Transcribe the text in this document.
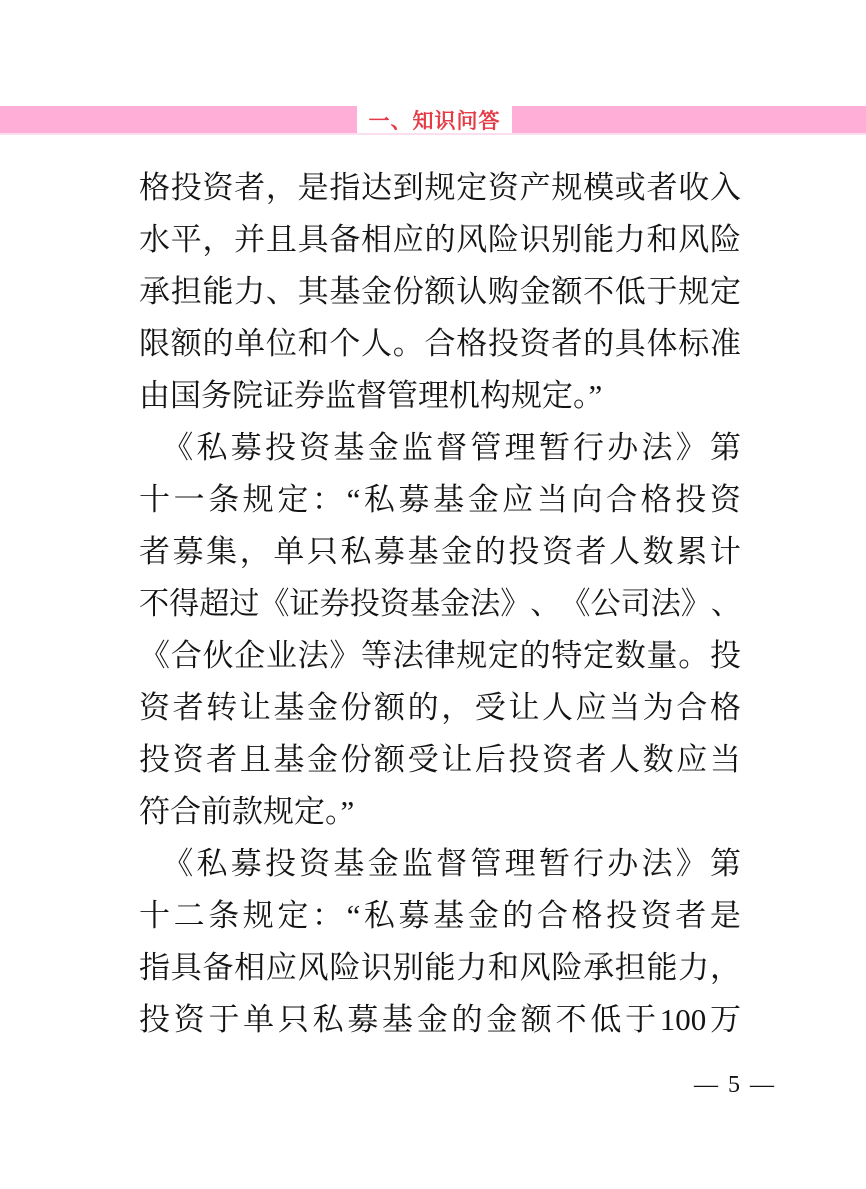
一、知识问答
格 投 资 者 ， 是 指 达 到 规 定 资 产 规 模 或 者 收 入
水 平 ， 并 且 具 备 相 应 的 风 险 识 别 能 力 和 风 险
承 担 能 力 、 其 基 金 份 额 认 购 金 额 不 低 于 规 定
限 额 的 单 位 和 个 人 。 合 格 投 资 者 的 具 体 标 准
由国务院证券监督管理机构规定。”
《 私 募 投 资 基 金 监 督 管 理 暂 行 办 法 》 第
十 一 条 规 定 ： “ 私 募 基 金 应 当 向 合 格 投 资
者 募 集 ， 单 只 私 募 基 金 的 投 资 者 人 数 累 计
不 得 超 过 《 证 券 投 资 基 金 法 》 、 《 公 司 法 》 、
《 合 伙 企 业 法 》 等 法 律 规 定 的 特 定 数 量 。 投
资 者 转 让 基 金 份 额 的 ， 受 让 人 应 当 为 合 格
投 资 者 且 基 金 份 额 受 让 后 投 资 者 人 数 应 当
符合前款规定。”
《 私 募 投 资 基 金 监 督 管 理 暂 行 办 法 》 第
十 二 条 规 定 ： “ 私 募 基 金 的 合 格 投 资 者 是
指 具 备 相 应 风 险 识 别 能 力 和 风 险 承 担 能 力 ，
投 资 于 单 只 私 募 基 金 的 金 额 不 低 于 100 万
— 5 —
